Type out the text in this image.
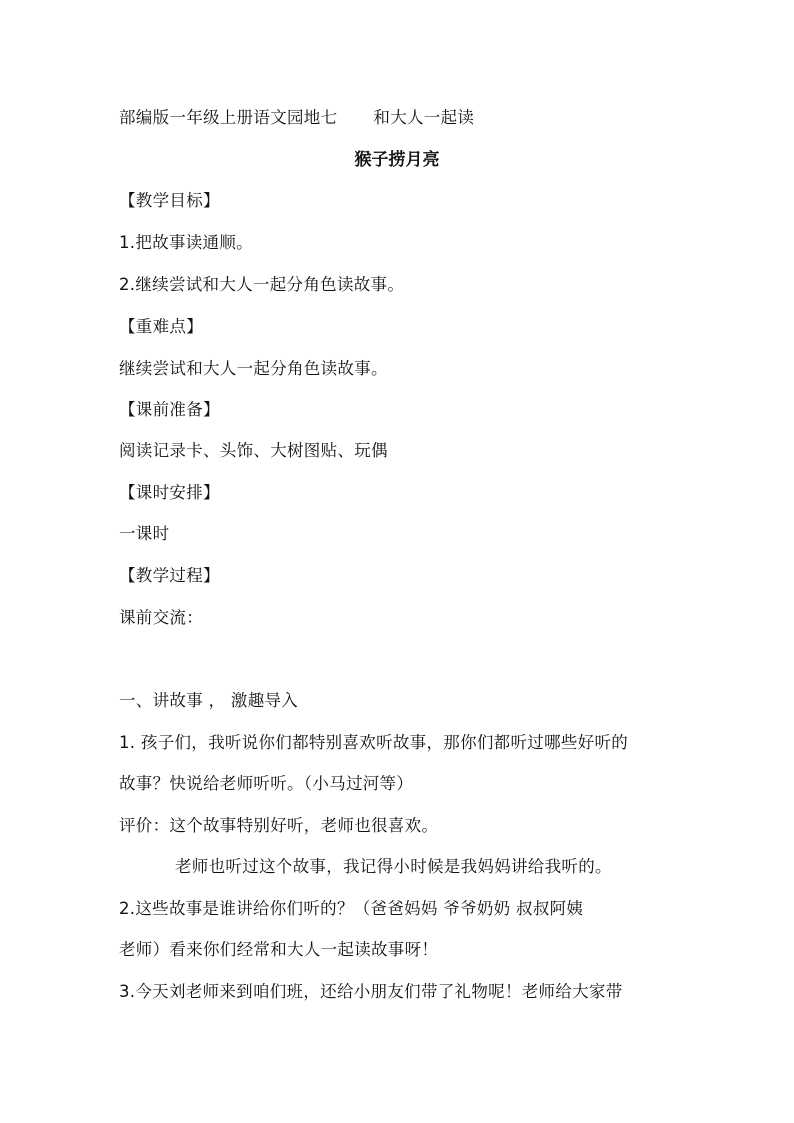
部编版一年级上册语文园地七 和大人一起读
猴子捞月亮
【教学目标】
1.把故事读通顺。
2.继续尝试和大人一起分角色读故事。
【重难点】
继续尝试和大人一起分角色读故事。
【课前准备】
阅读记录卡、头饰、大树图贴、玩偶
【课时安排】
一课时
【教学过程】
课前交流：
一、讲故事 ， 激趣导入
1. 孩子们，我听说你们都特别喜欢听故事，那你们都听过哪些好听的
故事？快说给老师听听。（小马过河等）
评价：这个故事特别好听，老师也很喜欢。
老师也听过这个故事，我记得小时候是我妈妈讲给我听的。
2.这些故事是谁讲给你们听的？（爸爸妈妈 爷爷奶奶 叔叔阿姨
老师）看来你们经常和大人一起读故事呀！
3.今天刘老师来到咱们班，还给小朋友们带了礼物呢！老师给大家带
